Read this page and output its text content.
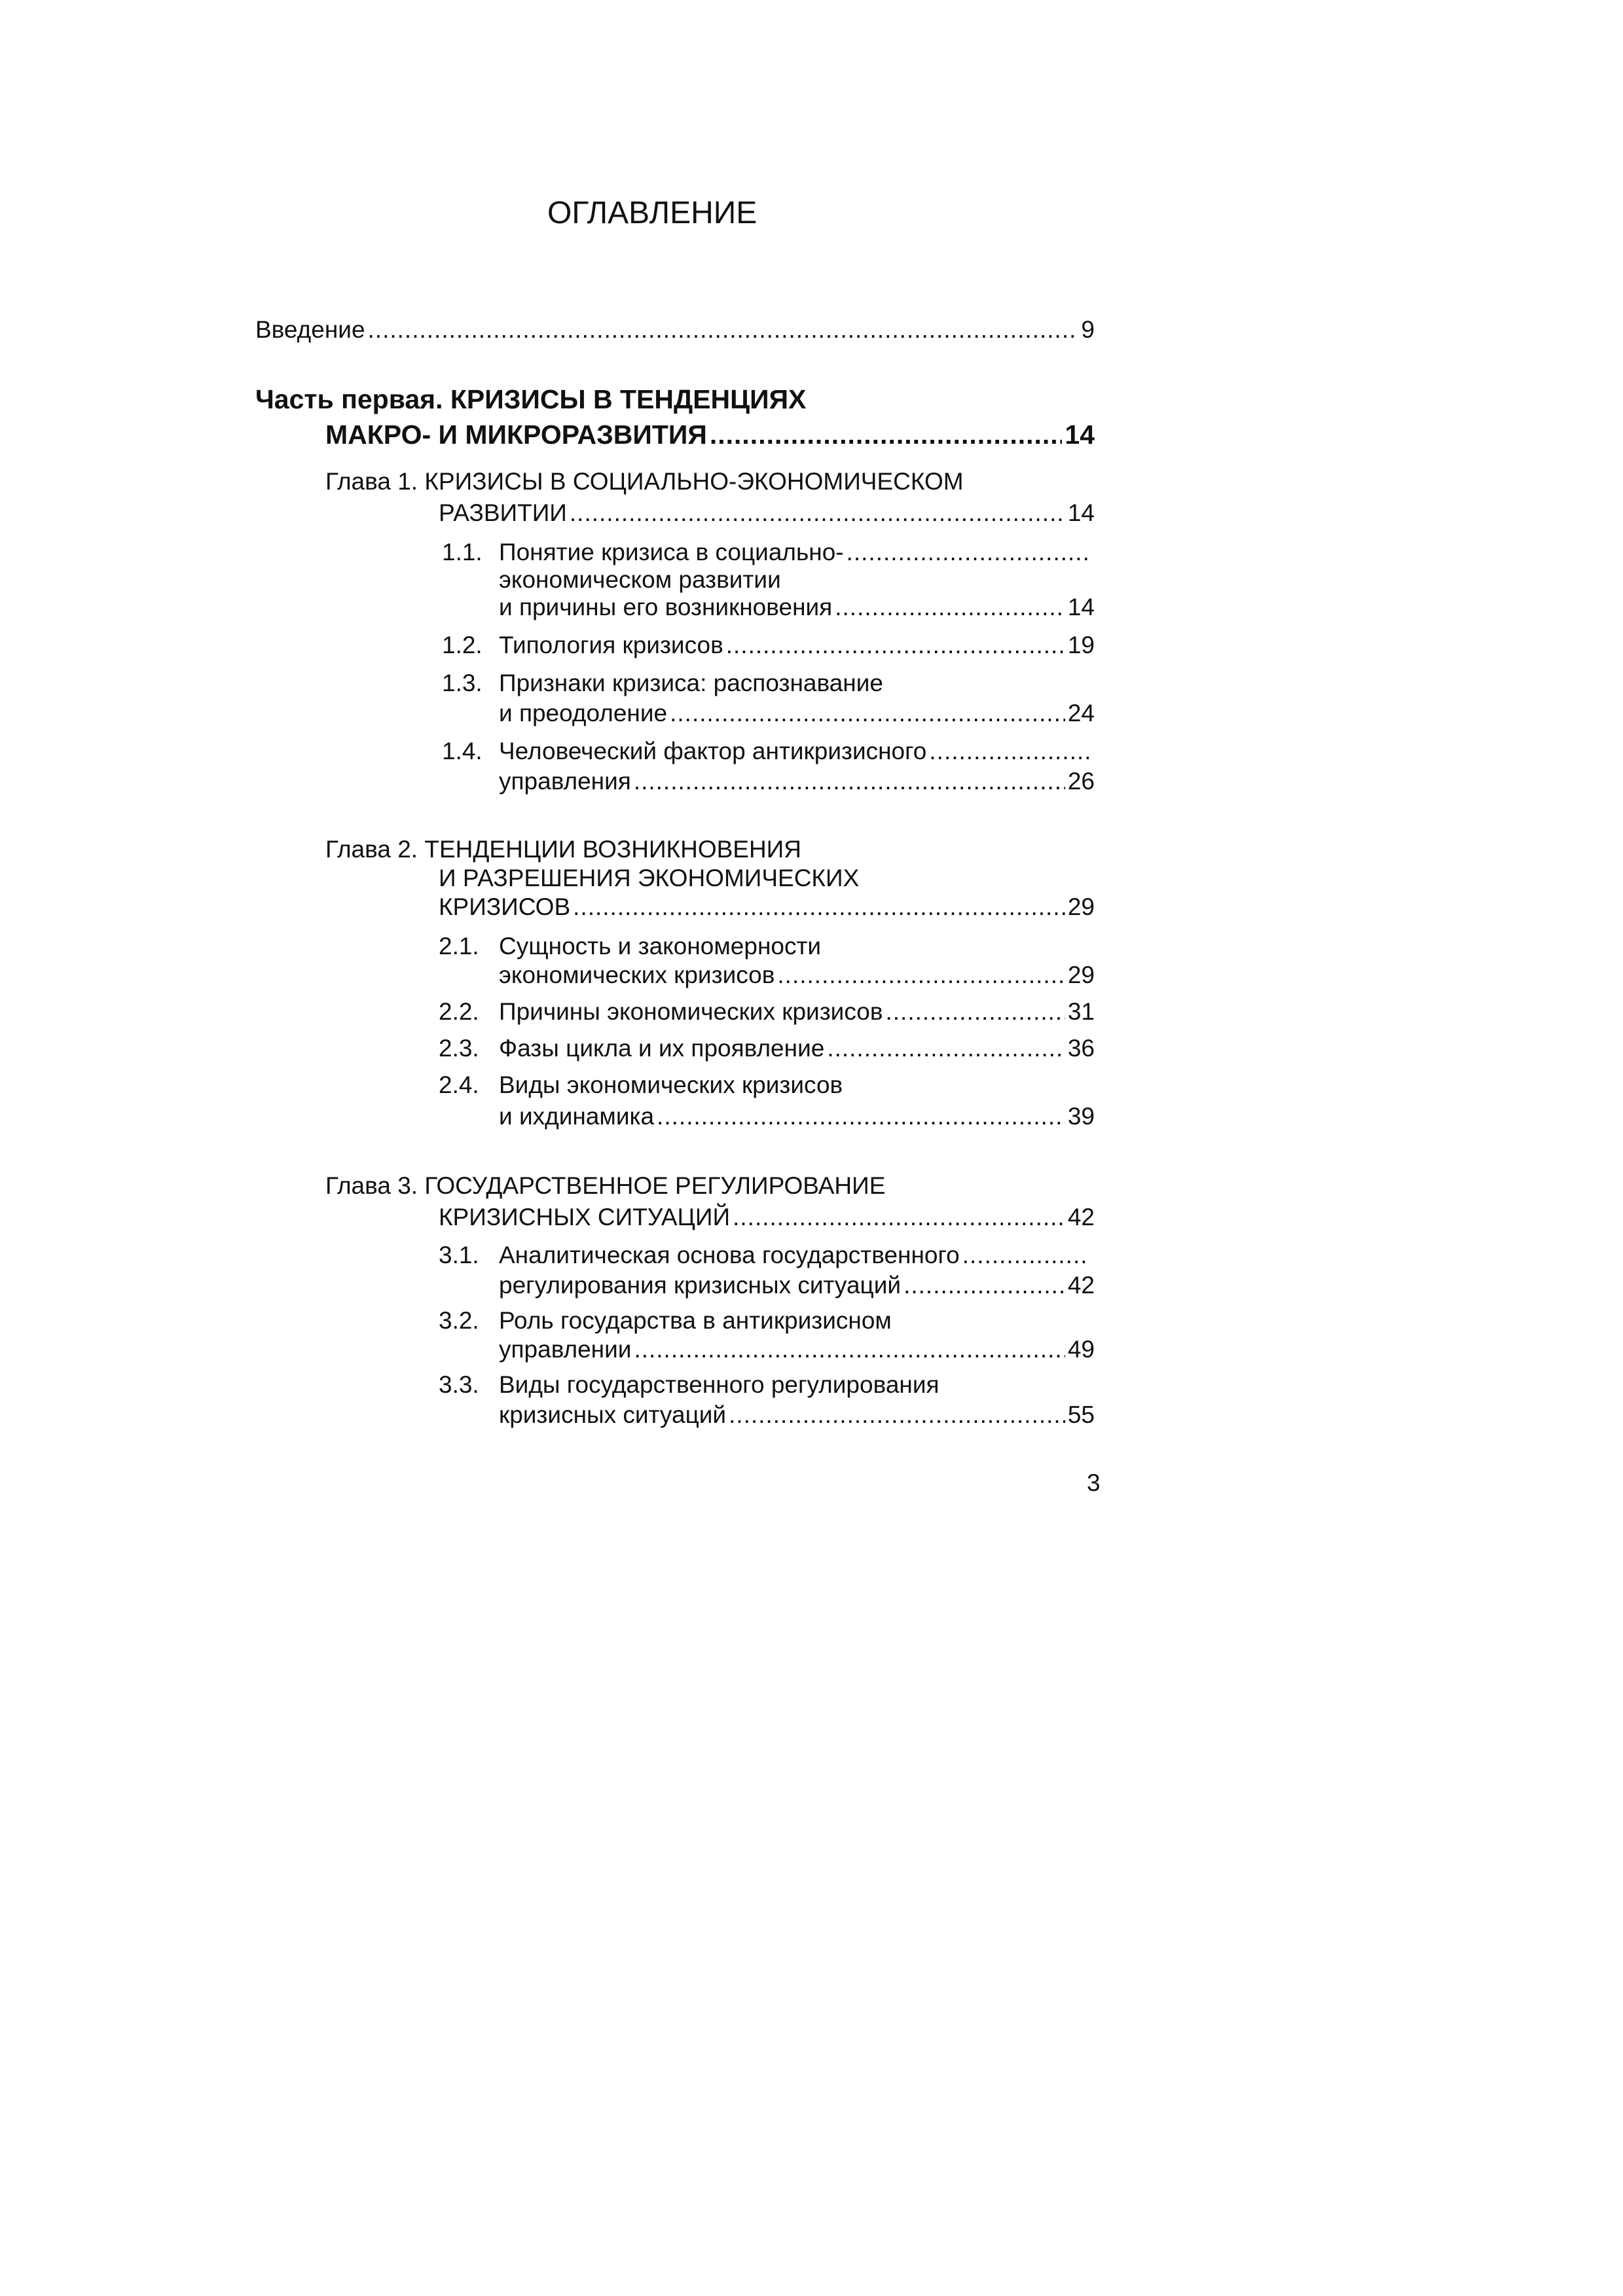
ОГЛАВЛЕНИЕ
Введение .....	9
Часть первая. КРИЗИСЫ В ТЕНДЕНЦИЯХ
МАКРО- И МИКРОРАЗВИТИЯ .....	14
Глава 1. КРИЗИСЫ В СОЦИАЛЬНО-ЭКОНОМИЧЕСКОМ
РАЗВИТИИ .....	14
1.1. Понятие кризиса в социально-
.....
экономическом развитии
и причины его возникновения .....	14
1.2. Типология кризисов .....	19
1.3. Признаки кризиса: распознавание
и преодоление .....	24
1.4. Человеческий фактор антикризисного
.....
управления .....	26
Глава 2. ТЕНДЕНЦИИ ВОЗНИКНОВЕНИЯ
И РАЗРЕШЕНИЯ ЭКОНОМИЧЕСКИХ
КРИЗИСОВ .....	29
2.1. Сущность и закономерности
экономических кризисов .....	29
2.2. Причины экономических кризисов .....	31
2.3. Фазы цикла и их проявление .....	36
2.4. Виды экономических кризисов
и ихдинамика .....	39
Глава 3. ГОСУДАРСТВЕННОЕ РЕГУЛИРОВАНИЕ
КРИЗИСНЫХ СИТУАЦИЙ .....	42
3.1. Аналитическая основа государственного
.....
регулирования кризисных ситуаций .....	42
3.2. Роль государства в антикризисном
управлении .....	49
3.3. Виды государственного регулирования
кризисных ситуаций .....	55
3
